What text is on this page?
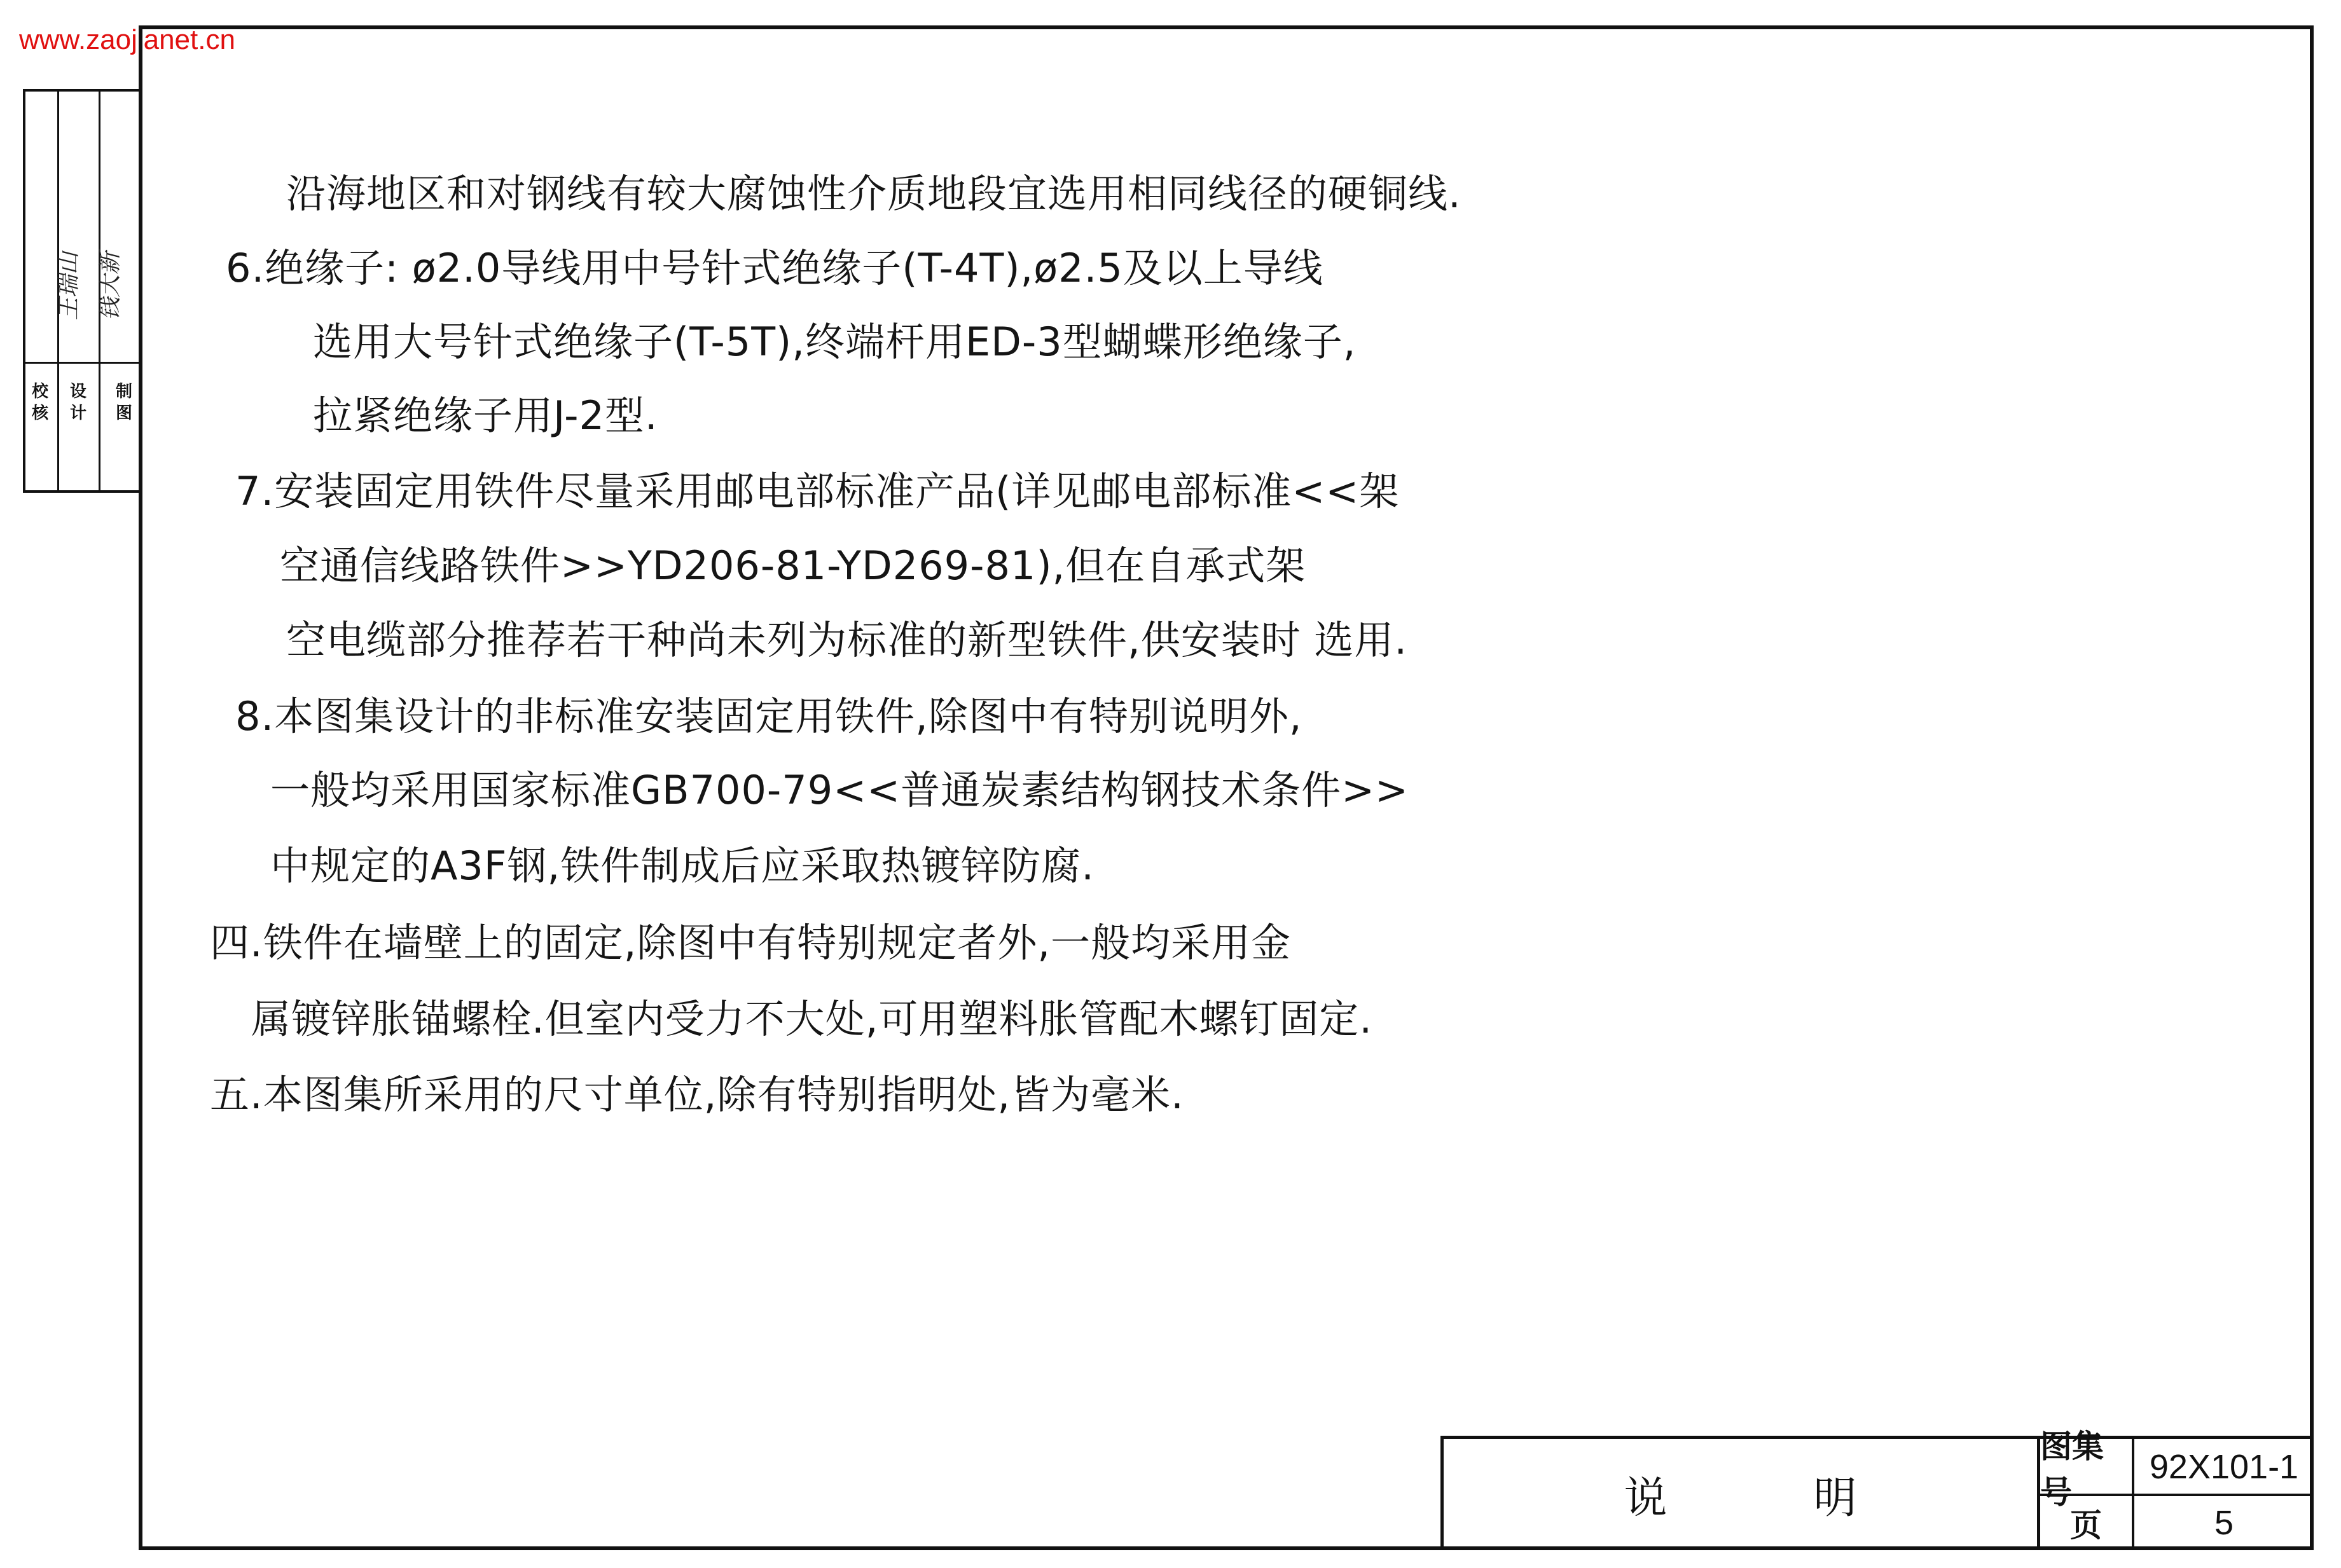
www.zaojianet.cn
校核
设计
制图
王瑞山 钱大新
沿海地区和对钢线有较大腐蚀性介质地段宜选用相同线径的硬铜线.
6.绝缘子: ø2.0导线用中号针式绝缘子(T-4T),ø2.5及以上导线
选用大号针式绝缘子(T-5T),终端杆用ED-3型蝴蝶形绝缘子,
拉紧绝缘子用J-2型.
7.安装固定用铁件尽量采用邮电部标准产品(详见邮电部标准<<架
空通信线路铁件>>YD206-81-YD269-81),但在自承式架
空电缆部分推荐若干种尚未列为标准的新型铁件,供安装时 选用.
8.本图集设计的非标准安装固定用铁件,除图中有特别说明外,
一般均采用国家标准GB700-79<<普通炭素结构钢技术条件>>
中规定的A3F钢,铁件制成后应采取热镀锌防腐.
四.铁件在墙壁上的固定,除图中有特别规定者外,一般均采用金
属镀锌胀锚螺栓.但室内受力不大处,可用塑料胀管配木螺钉固定.
五.本图集所采用的尺寸单位,除有特别指明处,皆为毫米.
说	明
图集号
页
92X101-1
5
